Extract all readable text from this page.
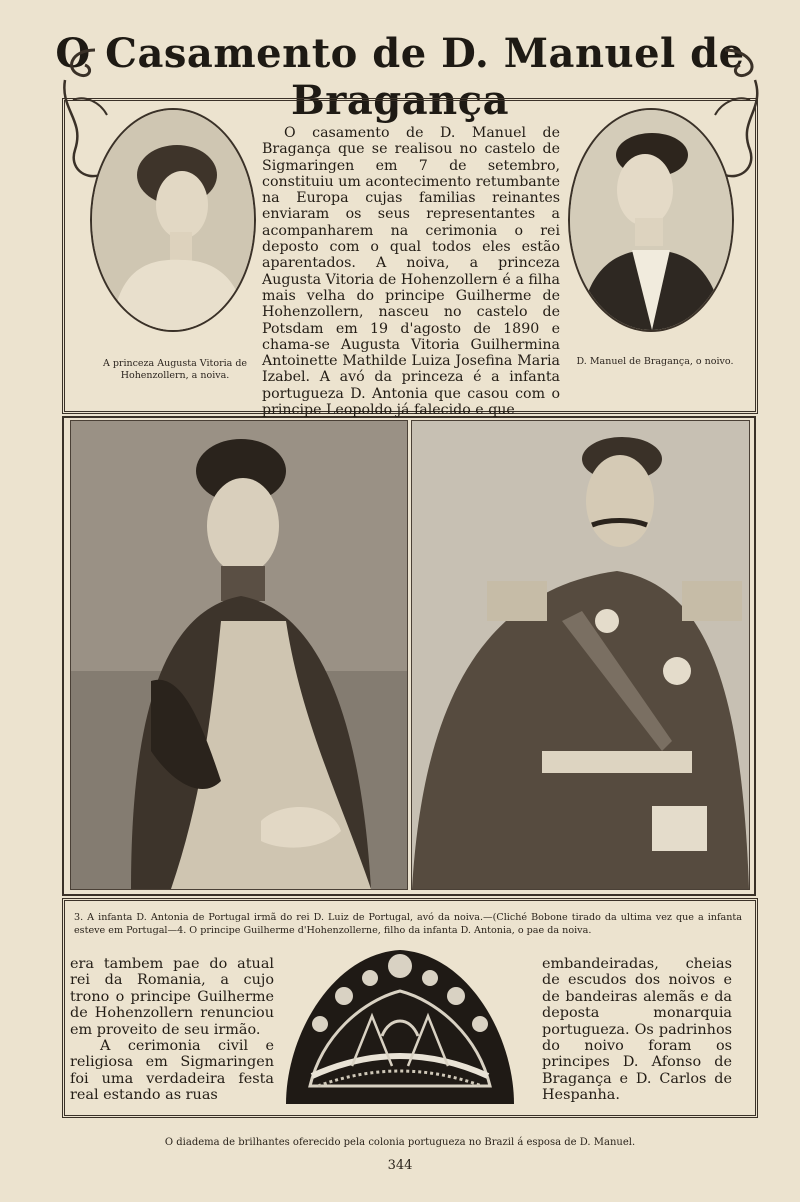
O Casamento de D. Manuel de Bragança
A princeza Augusta Vitoria de Hohenzollern, a noiva.
D. Manuel de Bragança, o noivo.
O casamento de D. Manuel de Bragança que se realisou no castelo de Sigmaringen em 7 de setembro, constituiu um acontecimento retumbante na Europa cujas familias reinantes enviaram os seus representantes a acompanharem na cerimonia o rei deposto com o qual todos eles estão aparentados. A noiva, a princeza Augusta Vitoria de Hohenzollern é a filha mais velha do principe Guilherme de Hohenzollern, nasceu no castelo de Potsdam em 19 d'agosto de 1890 e chama-se Augusta Vitoria Guilhermina Antoinette Mathilde Luiza Josefina Maria Izabel. A avó da princeza é a infanta portugueza D. Antonia que casou com o principe Leopoldo já falecido e que
3. A infanta D. Antonia de Portugal irmã do rei D. Luiz de Portugal, avó da noiva.—(Cliché Bobone tirado da ultima vez que a infanta esteve em Portugal—4. O principe Guilherme d'Hohenzollerne, filho da infanta D. Antonia, o pae da noiva.

era tambem pae do atual rei da Romania, a cujo trono o principe Guilherme de Hohenzollern renunciou em proveito de seu irmão.

A cerimonia civil e religiosa em Sigmaringen foi uma verdadeira festa real estando as ruas

embandeiradas, cheias de escudos dos noivos e de bandeiras alemãs e da deposta monarquia portugueza. Os padrinhos do noivo foram os principes D. Afonso de Bragança e D. Carlos de Hespanha.
O diadema de brilhantes oferecido pela colonia portugueza no Brazil á esposa de D. Manuel.
344
